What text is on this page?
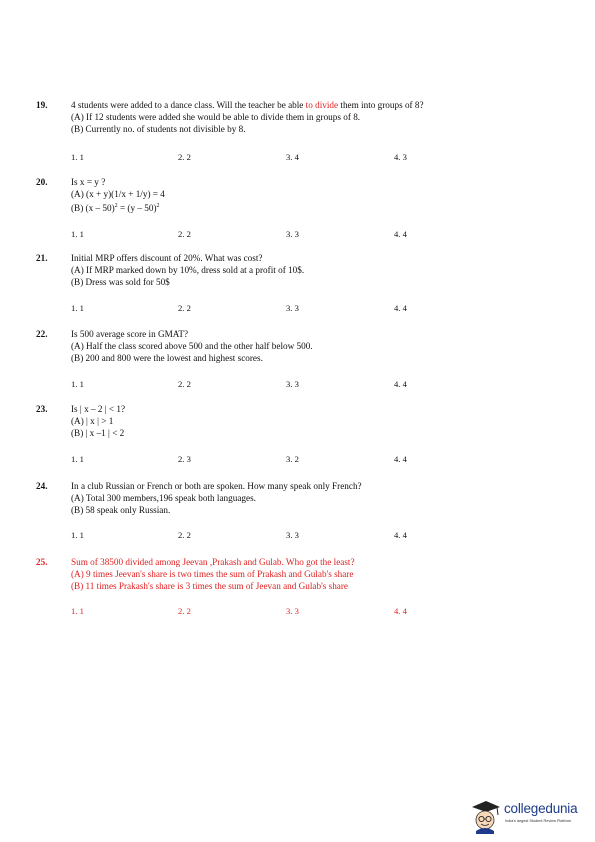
19.	4 students were added to a dance class. Will the teacher be able to divide them into groups of 8?
(A) If 12 students were added she would be able to divide them in groups of 8.
(B) Currently no. of students not divisible by 8.
1. 1	2. 2	3. 4	4. 3
20.	Is x = y ?
(A) (x + y)(1/x + 1/y) = 4
(B) (x – 50)$^2$ = (y – 50)$^2$
1. 1	2. 2	3. 3	4. 4
21.	Initial MRP offers discount of 20%. What was cost?
(A) If MRP marked down by 10%, dress sold at a profit of 10$.
(B) Dress was sold for 50$
1. 1	2. 2	3. 3	4. 4
22.	Is 500 average score in GMAT?
(A) Half the class scored above 500 and the other half below 500.
(B) 200 and 800 were the lowest and highest scores.
1. 1	2. 2	3. 3	4. 4
23.	Is | x – 2 | < 1?
(A) | x | > 1
(B) | x –1 | < 2
1. 1	2. 3	3. 2	4. 4
24.	In a club Russian or French or both are spoken. How many speak only French?
(A) Total 300 members,196 speak both languages.
(B) 58 speak only Russian.
1. 1	2. 2	3. 3	4. 4
25.	Sum of 38500 divided among Jeevan ,Prakash and Gulab. Who got the least?
(A) 9 times Jeevan's share is two times the sum of Prakash and Gulab's share
(B) 11 times Prakash's share is 3 times the sum of Jeevan and Gulab's share
1. 1	2. 2	3. 3	4. 4
collegedunia
India's largest Student Review Platform
